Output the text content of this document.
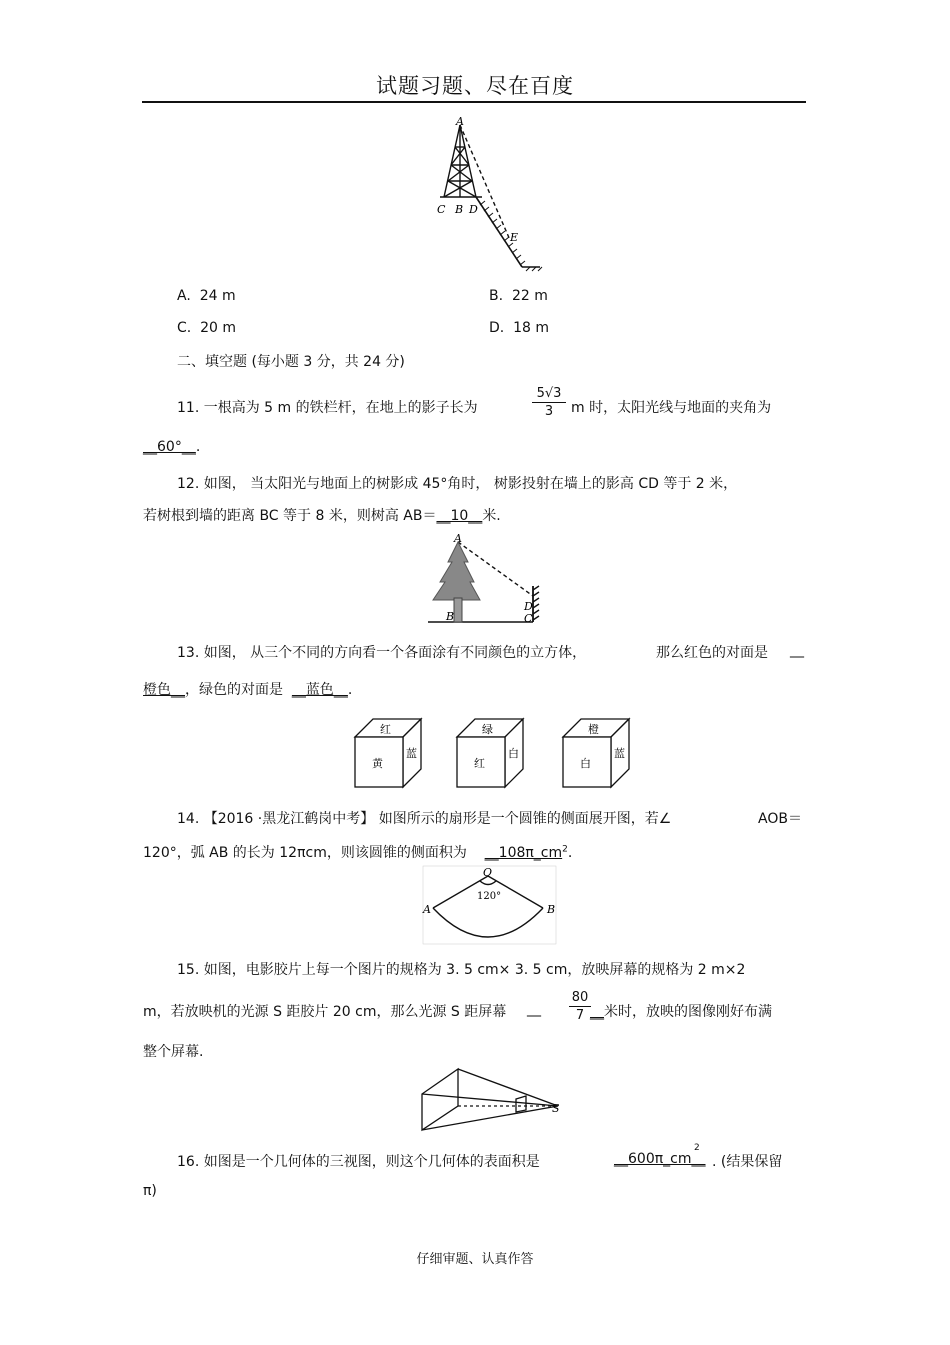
试题习题、尽在百度
A
C B D
E
A. 24 m	B. 22 m
C. 20 m	D. 18 m
二、填空题 (每小题 3 分，共 24 分)
11. 一根高为 5 m 的铁栏杆，在地上的影子长为
5√3
3	m 时，太阳光线与地面的夹角为
__60°__.
12. 如图， 当太阳光与地面上的树影成 45°角时， 树影投射在墙上的影高 CD 等于 2 米，
若树根到墙的距离 BC 等于 8 米，则树高 AB＝__10__米.
A
B
D
C
13. 如图， 从三个不同的方向看一个各面涂有不同颜色的立方体，	那么红色的对面是 __
橙色__，绿色的对面是 __蓝色__.
红
黄
蓝
绿
红
白
橙
白
蓝
14. 【2016 ·黑龙江鹤岗中考】 如图所示的扇形是一个圆锥的侧面展开图，若∠	AOB＝
120°，弧 AB 的长为 12πcm，则该圆锥的侧面积为 $\_\_108\pi\_cm^2$.
O
A	B
120°
15. 如图，电影胶片上每一个图片的规格为 3. 5 cm× 3. 5 cm，放映屏幕的规格为 2 m×2
m，若放映机的光源 S 距胶片 20 cm，那么光源 S 距屏幕 __
80
7 __米时，放映的图像刚好布满
整个屏幕.
S
16. 如图是一个几何体的三视图，则这个几何体的表面积是	__600π_cm__
2
. (结果保留
π)
仔细审题、认真作答
